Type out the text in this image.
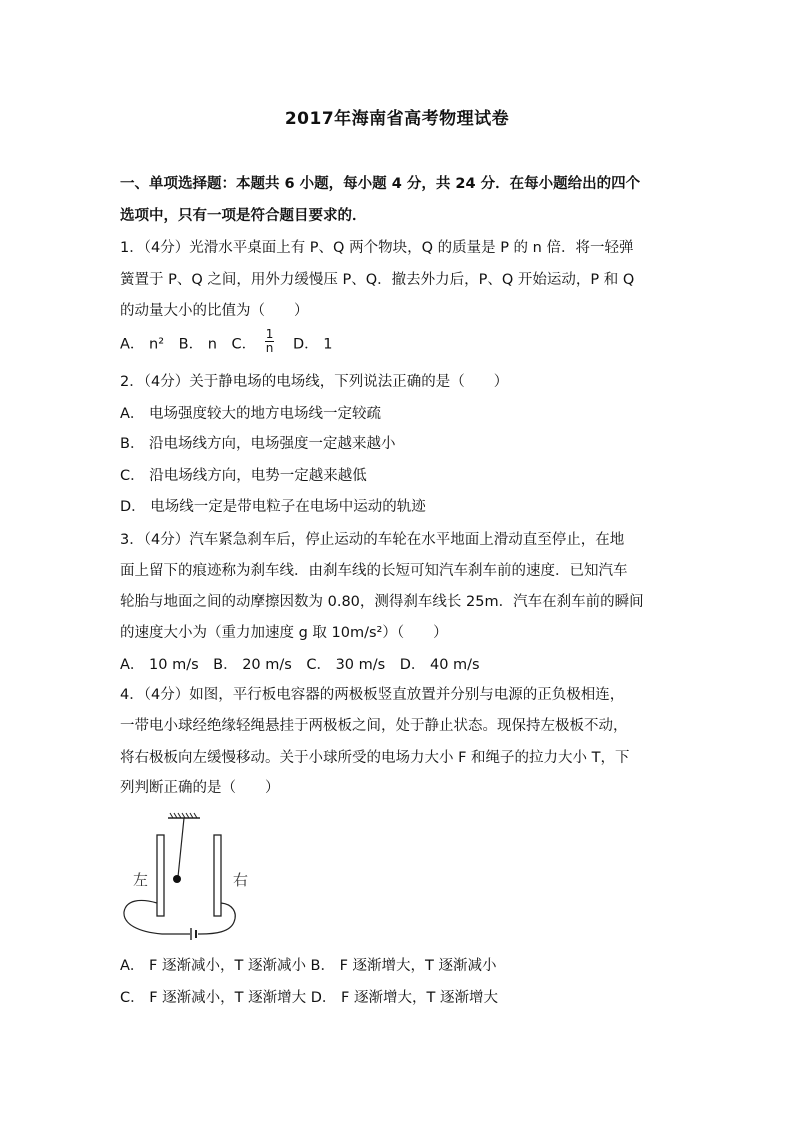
2017年海南省高考物理试卷
一、单项选择题：本题共 6 小题，每小题 4 分，共 24 分．在每小题给出的四个
选项中，只有一项是符合题目要求的．
1．（4分）光滑水平桌面上有 P、Q 两个物块，Q 的质量是 P 的 n 倍．将一轻弹
簧置于 P、Q 之间，用外力缓慢压 P、Q．撤去外力后，P、Q 开始运动，P 和 Q
的动量大小的比值为（　　）
A． n² B． n C． $\frac{1}{n}$ D． 1
2．（4分）关于静电场的电场线，下列说法正确的是（　　）
A． 电场强度较大的地方电场线一定较疏
B． 沿电场线方向，电场强度一定越来越小
C． 沿电场线方向，电势一定越来越低
D． 电场线一定是带电粒子在电场中运动的轨迹
3．（4分）汽车紧急刹车后，停止运动的车轮在水平地面上滑动直至停止，在地
面上留下的痕迹称为刹车线．由刹车线的长短可知汽车刹车前的速度．已知汽车
轮胎与地面之间的动摩擦因数为 0.80，测得刹车线长 25m．汽车在刹车前的瞬间
的速度大小为（重力加速度 g 取 10m/s²）（　　）
A． 10 m/s　B． 20 m/s　C． 30 m/s　D． 40 m/s
4．（4分）如图，平行板电容器的两极板竖直放置并分别与电源的正负极相连，
一带电小球经绝缘轻绳悬挂于两极板之间，处于静止状态。现保持左极板不动，
将右极板向左缓慢移动。关于小球所受的电场力大小 F 和绳子的拉力大小 T，下
列判断正确的是（　　）
左	右
A． F 逐渐减小，T 逐渐减小 B． F 逐渐增大，T 逐渐减小
C． F 逐渐减小，T 逐渐增大 D． F 逐渐增大，T 逐渐增大
